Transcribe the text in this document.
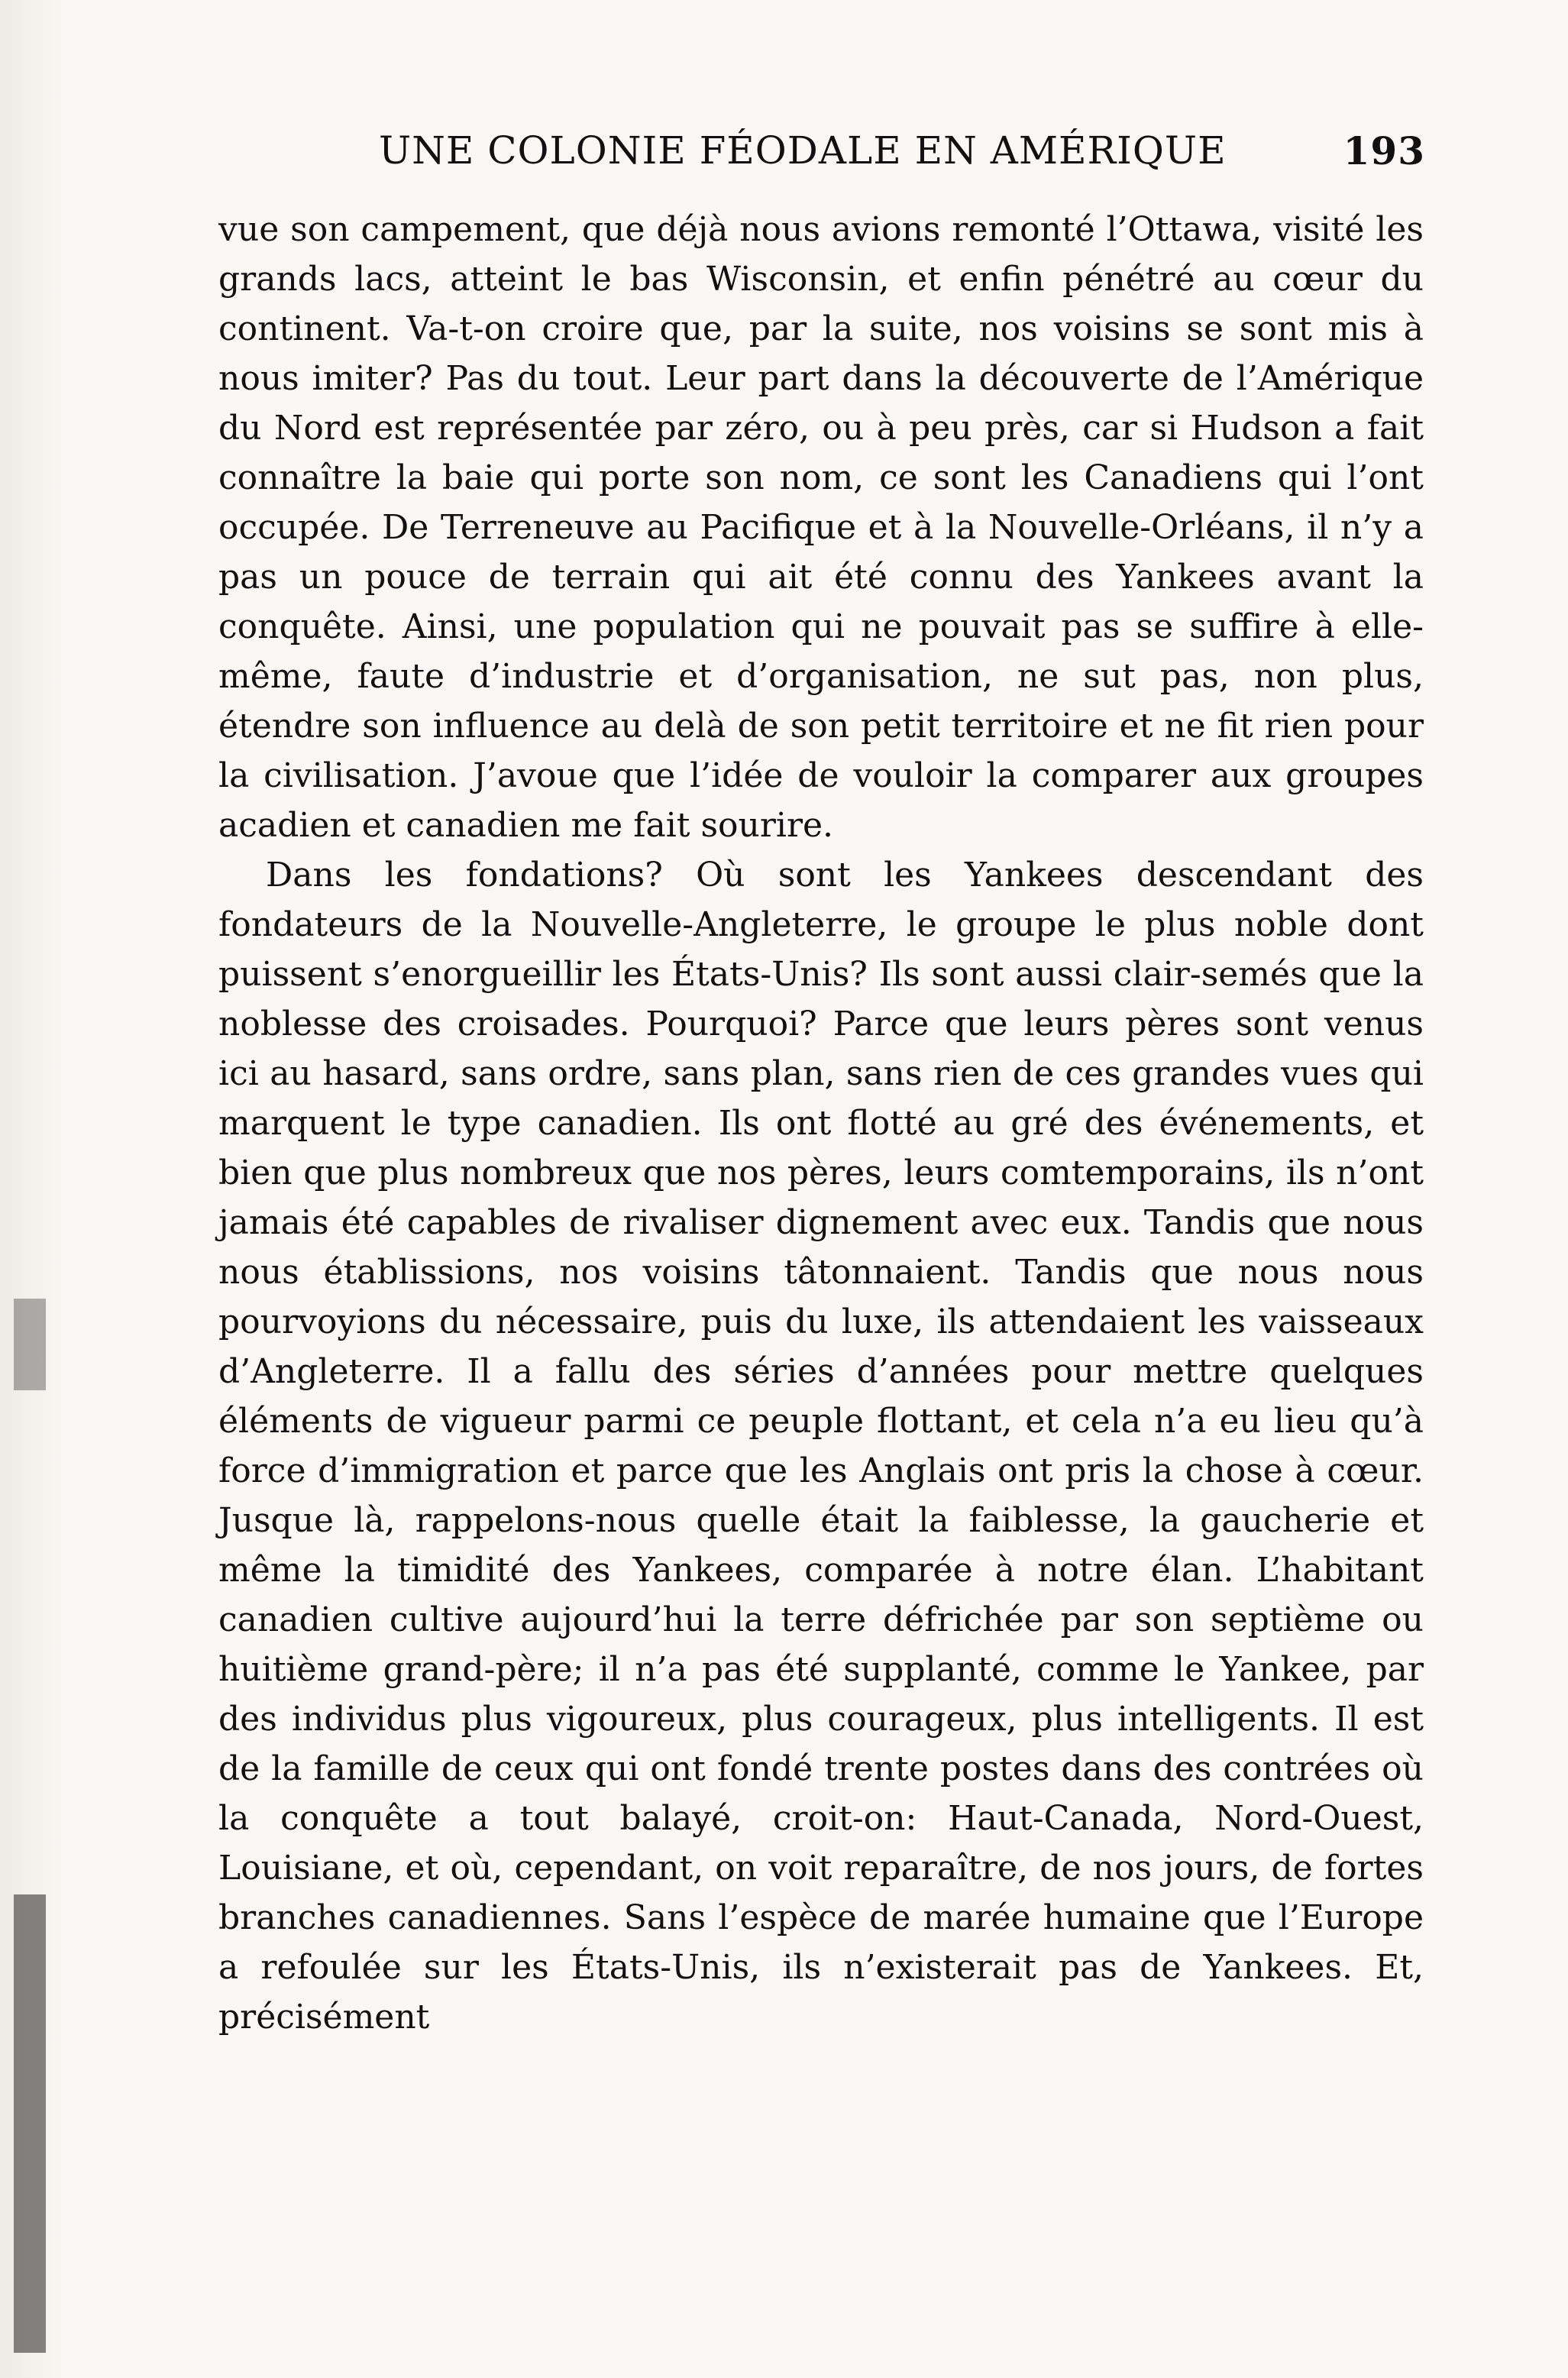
UNE COLONIE FÉODALE EN AMÉRIQUE	193

vue son campement, que déjà nous avions remonté l’Ottawa, visité les grands lacs, atteint le bas Wisconsin, et enfin pénétré au cœur du continent. Va-t-on croire que, par la suite, nos voisins se sont mis à nous imiter? Pas du tout. Leur part dans la découverte de l’Amérique du Nord est représentée par zéro, ou à peu près, car si Hudson a fait connaître la baie qui porte son nom, ce sont les Canadiens qui l’ont occupée. De Terreneuve au Pacifique et à la Nouvelle-Orléans, il n’y a pas un pouce de terrain qui ait été connu des Yankees avant la conquête. Ainsi, une population qui ne pouvait pas se suffire à elle-même, faute d’industrie et d’organisation, ne sut pas, non plus, étendre son influence au delà de son petit territoire et ne fit rien pour la civilisation. J’avoue que l’idée de vouloir la comparer aux groupes acadien et canadien me fait sourire.

Dans les fondations? Où sont les Yankees descendant des fondateurs de la Nouvelle-Angleterre, le groupe le plus noble dont puissent s’enorgueillir les États-Unis? Ils sont aussi clair-semés que la noblesse des croisades. Pourquoi? Parce que leurs pères sont venus ici au hasard, sans ordre, sans plan, sans rien de ces grandes vues qui marquent le type canadien. Ils ont flotté au gré des événements, et bien que plus nombreux que nos pères, leurs comtemporains, ils n’ont jamais été capables de rivaliser dignement avec eux. Tandis que nous nous établissions, nos voisins tâtonnaient. Tandis que nous nous pourvoyions du nécessaire, puis du luxe, ils attendaient les vaisseaux d’Angleterre. Il a fallu des séries d’années pour mettre quelques éléments de vigueur parmi ce peuple flottant, et cela n’a eu lieu qu’à force d’immigration et parce que les Anglais ont pris la chose à cœur. Jusque là, rappelons-nous quelle était la faiblesse, la gaucherie et même la timidité des Yankees, comparée à notre élan. L’habitant canadien cultive aujourd’hui la terre défrichée par son septième ou huitième grand-père; il n’a pas été supplanté, comme le Yankee, par des individus plus vigoureux, plus courageux, plus intelligents. Il est de la famille de ceux qui ont fondé trente postes dans des contrées où la conquête a tout balayé, croit-on: Haut-Canada, Nord-Ouest, Louisiane, et où, cependant, on voit reparaître, de nos jours, de fortes branches canadiennes. Sans l’espèce de marée humaine que l’Europe a refoulée sur les États-Unis, ils n’existerait pas de Yankees. Et, précisément
